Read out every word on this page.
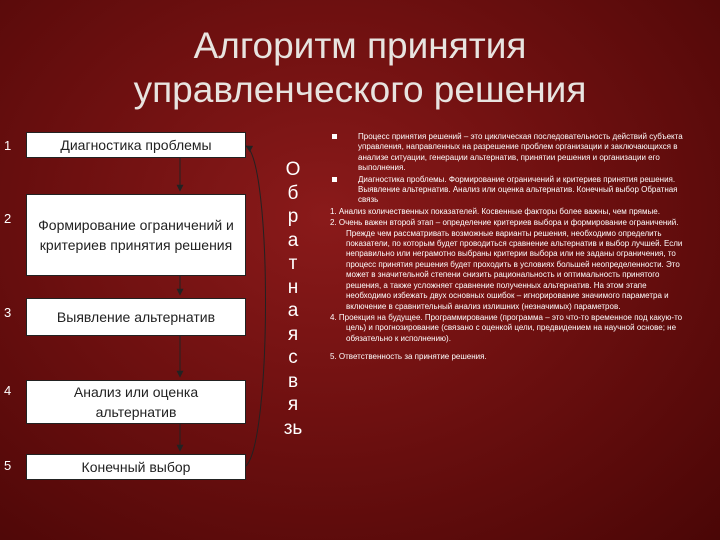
Алгоритм принятия управленческого решения
1
2
3
4
5
Диагностика проблемы
Формирование ограничений и критериев принятия решения
Выявление альтернатив
Анализ или оценка альтернатив
Конечный выбор
О
б
р
а
т
н
а
я
с
в
я
зь
Процесс принятия решений – это циклическая последовательность действий субъекта управления, направленных на разрешение проблем организации и заключающихся в анализе ситуации, генерации альтернатив, принятии решения и организации его выполнения.
Диагностика проблемы. Формирование ограничений и критериев принятия решения. Выявление альтернатив. Анализ или оценка альтернатив. Конечный выбор Обратная связь
1. Анализ количественных показателей. Косвенные факторы более важны, чем прямые.
2. Очень важен второй этап – определение критериев выбора и формирование ограничений. Прежде чем рассматривать возможные варианты решения, необходимо определить показатели, по которым будет проводиться сравнение альтернатив и выбор лучшей. Если неправильно или неграмотно выбраны критерии выбора или не заданы ограничения, то процесс принятия решения будет проходить в условиях большей неопределенности. Это может в значительной степени снизить рациональность и оптимальность принятого решения, а также усложняет сравнение полученных альтернатив. На этом этапе необходимо избежать двух основных ошибок – игнорирование значимого параметра и включение в сравнительный анализ излишних (незначимых) параметров.
4. Проекция на будущее. Программирование (программа – это что-то временное под какую-то цель) и прогнозирование (связано с оценкой цели, предвидением на научной основе; не обязательно к исполнению).
5. Ответственность за принятие решения.
